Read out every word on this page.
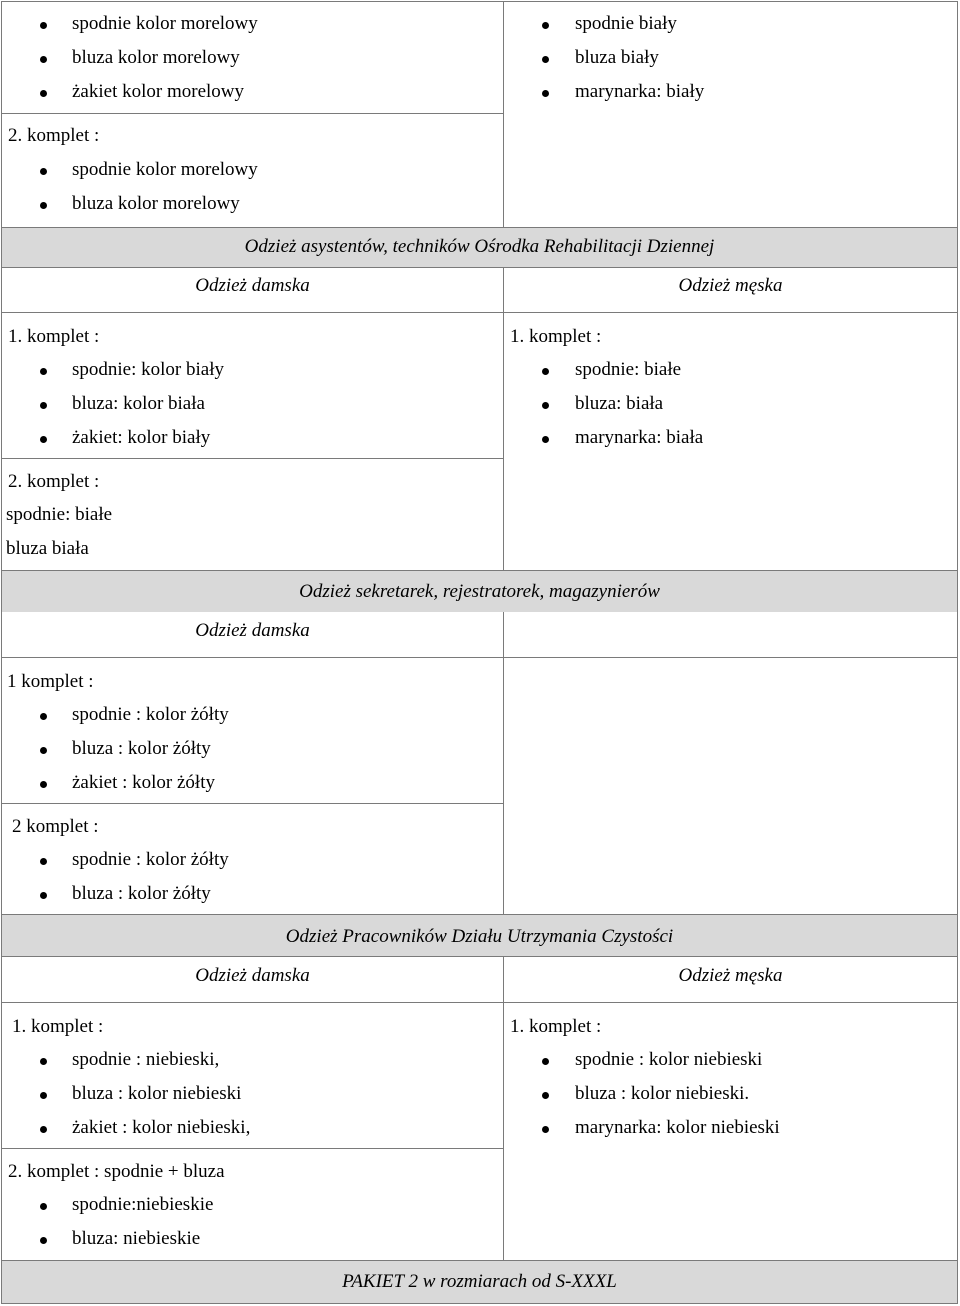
spodnie kolor morelowy
bluza kolor morelowy
żakiet kolor morelowy
spodnie biały
bluza biały
marynarka: biały
2. komplet :
spodnie kolor morelowy
bluza kolor morelowy
Odzież asystentów, techników Ośrodka Rehabilitacji Dziennej
Odzież damska	Odzież męska
1. komplet :
spodnie: kolor biały
bluza: kolor biała
żakiet: kolor biały
1. komplet :
spodnie: białe
bluza: biała
marynarka: biała
2. komplet :
spodnie: białe
bluza biała
Odzież sekretarek, rejestratorek, magazynierów
Odzież damska
1 komplet :
spodnie : kolor żółty
bluza : kolor żółty
żakiet : kolor żółty
2 komplet :
spodnie : kolor żółty
bluza : kolor żółty
Odzież Pracowników Działu Utrzymania Czystości
Odzież damska	Odzież męska
1. komplet :
spodnie : niebieski,
bluza : kolor niebieski
żakiet : kolor niebieski,
1. komplet :
spodnie : kolor niebieski
bluza : kolor niebieski.
marynarka: kolor niebieski
2. komplet : spodnie + bluza
spodnie:niebieskie
bluza: niebieskie
PAKIET 2 w rozmiarach od S-XXXL
